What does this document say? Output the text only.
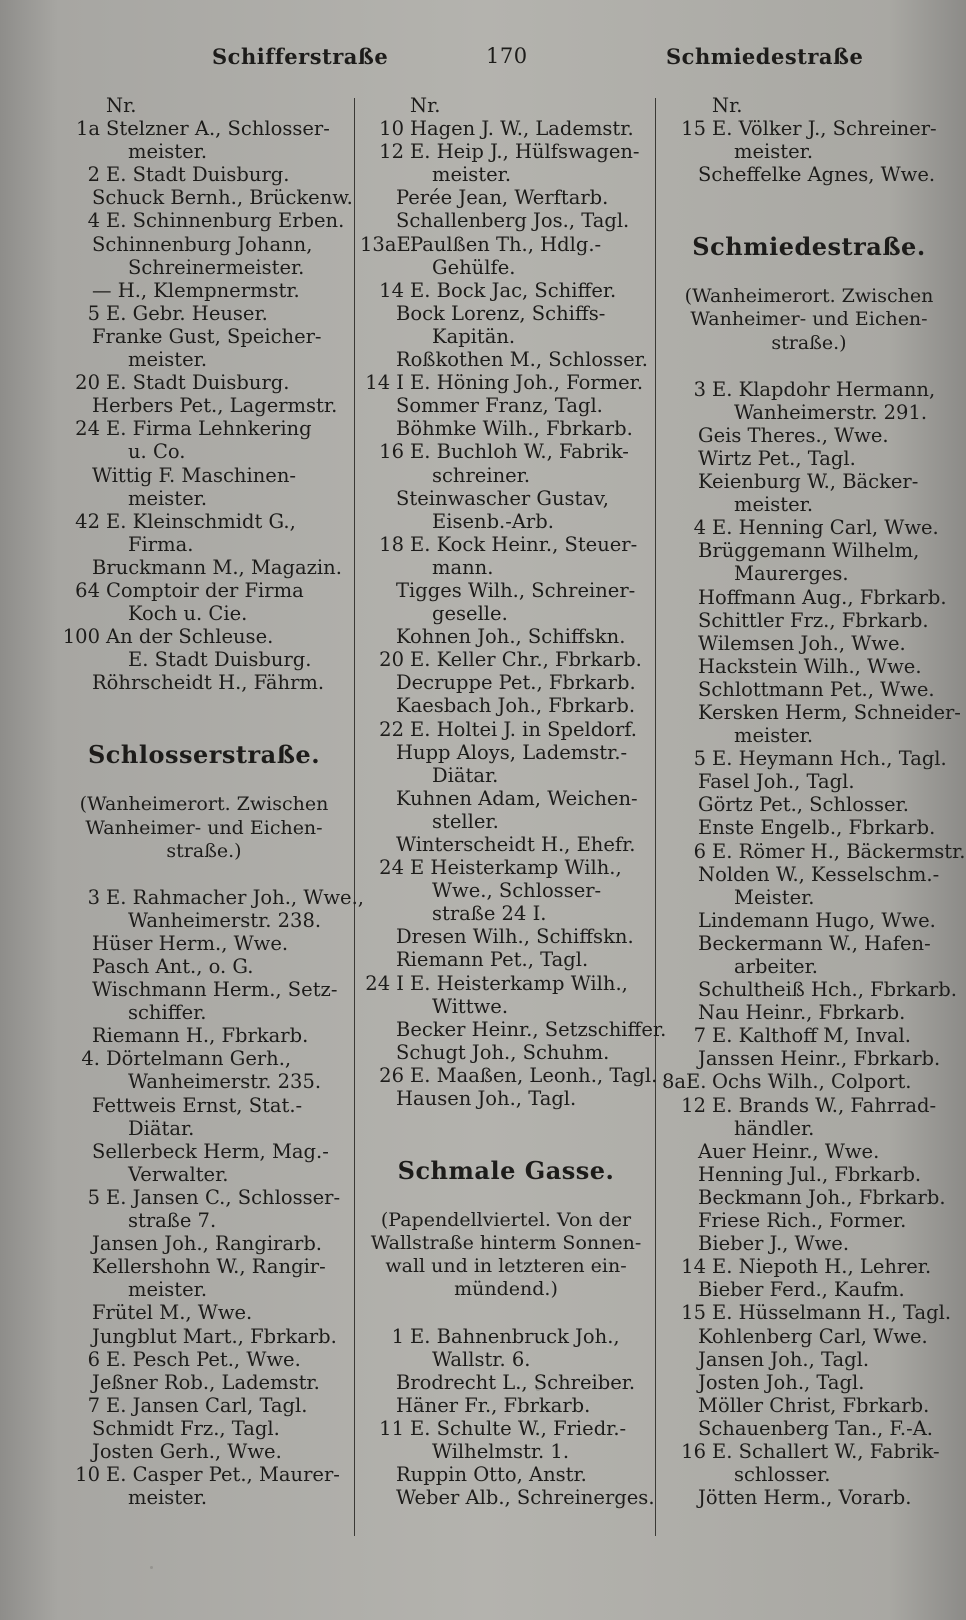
Schifferstraße	170	Schmiedestraße
Nr.
1a Stelzner A., Schlosser-
meister.
2 E. Stadt Duisburg.
Schuck Bernh., Brückenw.
4 E. Schinnenburg Erben.
Schinnenburg Johann,
Schreinermeister.
— H., Klempnermstr.
5 E. Gebr. Heuser.
Franke Gust, Speicher-
meister.
20 E. Stadt Duisburg.
Herbers Pet., Lagermstr.
24 E. Firma Lehnkering
u. Co.
Wittig F. Maschinen-
meister.
42 E. Kleinschmidt G.,
Firma.
Bruckmann M., Magazin.
64 Comptoir der Firma
Koch u. Cie.
100 An der Schleuse.
E. Stadt Duisburg.
Röhrscheidt H., Fährm.
Schlosserstraße.
(Wanheimerort. Zwischen
Wanheimer- und Eichen-
straße.)
3 E. Rahmacher Joh., Wwe.,
Wanheimerstr. 238.
Hüser Herm., Wwe.
Pasch Ant., o. G.
Wischmann Herm., Setz-
schiffer.
Riemann H., Fbrkarb.
4. Dörtelmann Gerh.,
Wanheimerstr. 235.
Fettweis Ernst, Stat.-
Diätar.
Sellerbeck Herm, Mag.-
Verwalter.
5 E. Jansen C., Schlosser-
straße 7.
Jansen Joh., Rangirarb.
Kellershohn W., Rangir-
meister.
Frütel M., Wwe.
Jungblut Mart., Fbrkarb.
6 E. Pesch Pet., Wwe.
Jeßner Rob., Lademstr.
7 E. Jansen Carl, Tagl.
Schmidt Frz., Tagl.
Josten Gerh., Wwe.
10 E. Casper Pet., Maurer-
meister.
Nr.
10 Hagen J. W., Lademstr.
12 E. Heip J., Hülfswagen-
meister.
Perée Jean, Werftarb.
Schallenberg Jos., Tagl.
13aE.
Paulßen Th., Hdlg.-
Gehülfe.
14 E. Bock Jac, Schiffer.
Bock Lorenz, Schiffs-
Kapitän.
Roßkothen M., Schlosser.
14 I E. Höning Joh., Former.
Sommer Franz, Tagl.
Böhmke Wilh., Fbrkarb.
16 E. Buchloh W., Fabrik-
schreiner.
Steinwascher Gustav,
Eisenb.-Arb.
18 E. Kock Heinr., Steuer-
mann.
Tigges Wilh., Schreiner-
geselle.
Kohnen Joh., Schiffskn.
20 E. Keller Chr., Fbrkarb.
Decruppe Pet., Fbrkarb.
Kaesbach Joh., Fbrkarb.
22 E. Holtei J. in Speldorf.
Hupp Aloys, Lademstr.-
Diätar.
Kuhnen Adam, Weichen-
steller.
Winterscheidt H., Ehefr.
24 E Heisterkamp Wilh.,
Wwe., Schlosser-
straße 24 I.
Dresen Wilh., Schiffskn.
Riemann Pet., Tagl.
24 I E. Heisterkamp Wilh.,
Wittwe.
Becker Heinr., Setzschiffer.
Schugt Joh., Schuhm.
26 E. Maaßen, Leonh., Tagl.
Hausen Joh., Tagl.
Schmale Gasse.
(Papendellviertel. Von der
Wallstraße hinterm Sonnen-
wall und in letzteren ein-
mündend.)
1 E. Bahnenbruck Joh.,
Wallstr. 6.
Brodrecht L., Schreiber.
Häner Fr., Fbrkarb.
11 E. Schulte W., Friedr.-
Wilhelmstr. 1.
Ruppin Otto, Anstr.
Weber Alb., Schreinerges.
Nr.
15 E. Völker J., Schreiner-
meister.
Scheffelke Agnes, Wwe.
Schmiedestraße.
(Wanheimerort. Zwischen
Wanheimer- und Eichen-
straße.)
3 E. Klapdohr Hermann,
Wanheimerstr. 291.
Geis Theres., Wwe.
Wirtz Pet., Tagl.
Keienburg W., Bäcker-
meister.
4 E. Henning Carl, Wwe.
Brüggemann Wilhelm,
Maurerges.
Hoffmann Aug., Fbrkarb.
Schittler Frz., Fbrkarb.
Wilemsen Joh., Wwe.
Hackstein Wilh., Wwe.
Schlottmann Pet., Wwe.
Kersken Herm, Schneider-
meister.
5 E. Heymann Hch., Tagl.
Fasel Joh., Tagl.
Görtz Pet., Schlosser.
Enste Engelb., Fbrkarb.
6 E. Römer H., Bäckermstr.
Nolden W., Kesselschm.-
Meister.
Lindemann Hugo, Wwe.
Beckermann W., Hafen-
arbeiter.
Schultheiß Hch., Fbrkarb.
Nau Heinr., Fbrkarb.
7 E. Kalthoff M, Inval.
Janssen Heinr., Fbrkarb.
8aE. Ochs Wilh., Colport.
12 E. Brands W., Fahrrad-
händler.
Auer Heinr., Wwe.
Henning Jul., Fbrkarb.
Beckmann Joh., Fbrkarb.
Friese Rich., Former.
Bieber J., Wwe.
14 E. Niepoth H., Lehrer.
Bieber Ferd., Kaufm.
15 E. Hüsselmann H., Tagl.
Kohlenberg Carl, Wwe.
Jansen Joh., Tagl.
Josten Joh., Tagl.
Möller Christ, Fbrkarb.
Schauenberg Tan., F.-A.
16 E. Schallert W., Fabrik-
schlosser.
Jötten Herm., Vorarb.
